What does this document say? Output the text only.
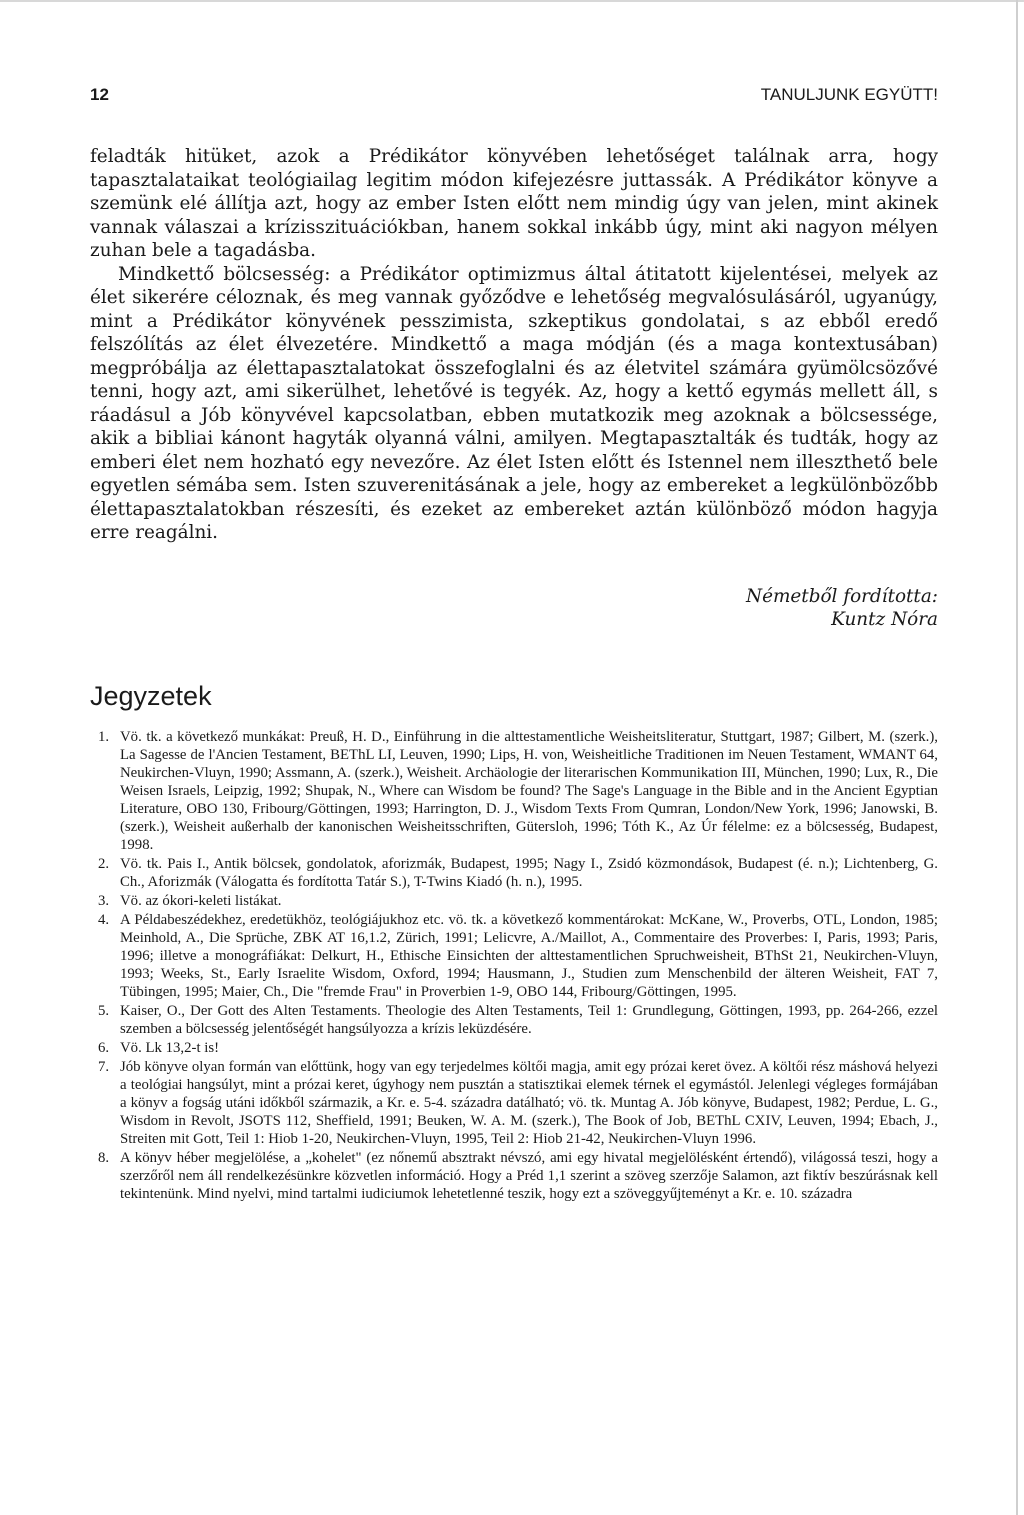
12	TANULJUNK EGYÜTT!

feladták hitüket, azok a Prédikátor könyvében lehetőséget találnak arra, hogy tapasztalataikat teológiailag legitim módon kifejezésre juttassák. A Prédikátor könyve a szemünk elé állítja azt, hogy az ember Isten előtt nem mindig úgy van jelen, mint akinek vannak válaszai a krízisszituációkban, hanem sokkal inkább úgy, mint aki nagyon mélyen zuhan bele a tagadásba.

Mindkettő bölcsesség: a Prédikátor optimizmus által átitatott kijelentései, melyek az élet sikerére céloznak, és meg vannak győződve e lehetőség megvalósulásáról, ugyanúgy, mint a Prédikátor könyvének pesszimista, szkeptikus gondolatai, s az ebből eredő felszólítás az élet élvezetére. Mindkettő a maga módján (és a maga kontextusában) megpróbálja az élettapasztalatokat összefoglalni és az életvitel számára gyümölcsözővé tenni, hogy azt, ami sikerülhet, lehetővé is tegyék. Az, hogy a kettő egymás mellett áll, s ráadásul a Jób könyvével kapcsolatban, ebben mutatkozik meg azoknak a bölcsessége, akik a bibliai kánont hagyták olyanná válni, amilyen. Megtapasztalták és tudták, hogy az emberi élet nem hozható egy nevezőre. Az élet Isten előtt és Istennel nem illeszthető bele egyetlen sémába sem. Isten szuverenitásának a jele, hogy az embereket a legkülönbözőbb élettapasztalatokban részesíti, és ezeket az embereket aztán különböző módon hagyja erre reagálni.

Németből fordította:
Kuntz Nóra
Jegyzetek
1. Vö. tk. a következő munkákat: Preuß, H. D., Einführung in die alttestamentliche Weisheitsliteratur, Stuttgart, 1987; Gilbert, M. (szerk.), La Sagesse de l'Ancien Testament, BEThL LI, Leuven, 1990; Lips, H. von, Weisheitliche Traditionen im Neuen Testament, WMANT 64, Neukirchen-Vluyn, 1990; Assmann, A. (szerk.), Weisheit. Archäologie der literarischen Kommunikation III, München, 1990; Lux, R., Die Weisen Israels, Leipzig, 1992; Shupak, N., Where can Wisdom be found? The Sage's Language in the Bible and in the Ancient Egyptian Literature, OBO 130, Fribourg/Göttingen, 1993; Harrington, D. J., Wisdom Texts From Qumran, London/New York, 1996; Janowski, B. (szerk.), Weisheit außerhalb der kanonischen Weisheitsschriften, Gütersloh, 1996; Tóth K., Az Úr félelme: ez a bölcsesség, Budapest, 1998.
2. Vö. tk. Pais I., Antik bölcsek, gondolatok, aforizmák, Budapest, 1995; Nagy I., Zsidó közmondások, Budapest (é. n.); Lichtenberg, G. Ch., Aforizmák (Válogatta és fordította Tatár S.), T-Twins Kiadó (h. n.), 1995.
3. Vö. az ókori-keleti listákat.
4. A Példabeszédekhez, eredetükhöz, teológiájukhoz etc. vö. tk. a következő kommentárokat: McKane, W., Proverbs, OTL, London, 1985; Meinhold, A., Die Sprüche, ZBK AT 16,1.2, Zürich, 1991; Lelicvre, A./Maillot, A., Commentaire des Proverbes: I, Paris, 1993; Paris, 1996; illetve a monográfiákat: Delkurt, H., Ethische Einsichten der alttestamentlichen Spruchweisheit, BThSt 21, Neukirchen-Vluyn, 1993; Weeks, St., Early Israelite Wisdom, Oxford, 1994; Hausmann, J., Studien zum Menschenbild der älteren Weisheit, FAT 7, Tübingen, 1995; Maier, Ch., Die "fremde Frau" in Proverbien 1-9, OBO 144, Fribourg/Göttingen, 1995.
5. Kaiser, O., Der Gott des Alten Testaments. Theologie des Alten Testaments, Teil 1: Grundlegung, Göttingen, 1993, pp. 264-266, ezzel szemben a bölcsesség jelentőségét hangsúlyozza a krízis leküzdésére.
6. Vö. Lk 13,2-t is!
7. Jób könyve olyan formán van előttünk, hogy van egy terjedelmes költői magja, amit egy prózai keret övez. A költői rész máshová helyezi a teológiai hangsúlyt, mint a prózai keret, úgyhogy nem pusztán a statisztikai elemek térnek el egymástól. Jelenlegi végleges formájában a könyv a fogság utáni időkből származik, a Kr. e. 5-4. századra datálható; vö. tk. Muntag A. Jób könyve, Budapest, 1982; Perdue, L. G., Wisdom in Revolt, JSOTS 112, Sheffield, 1991; Beuken, W. A. M. (szerk.), The Book of Job, BEThL CXIV, Leuven, 1994; Ebach, J., Streiten mit Gott, Teil 1: Hiob 1-20, Neukirchen-Vluyn, 1995, Teil 2: Hiob 21-42, Neukirchen-Vluyn 1996.
8. A könyv héber megjelölése, a „kohelet" (ez nőnemű absztrakt névszó, ami egy hivatal megjelölésként értendő), világossá teszi, hogy a szerzőről nem áll rendelkezésünkre közvetlen információ. Hogy a Préd 1,1 szerint a szöveg szerzője Salamon, azt fiktív beszúrásnak kell tekintenünk. Mind nyelvi, mind tartalmi iudiciumok lehetetlenné teszik, hogy ezt a szöveggyűjteményt a Kr. e. 10. századra
